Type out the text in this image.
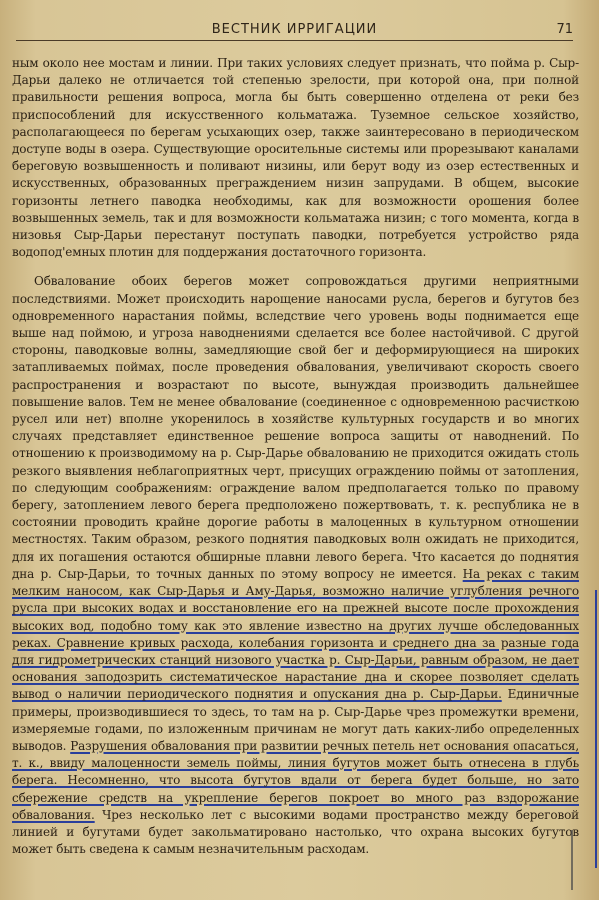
ВЕСТНИК ИРРИГАЦИИ	71

ным около нее мостам и линии. При таких условиях следует признать, что пойма р. Сыр-Дарьи далеко не отличается той степенью зрелости, при которой она, при полной правильности решения вопроса, могла бы быть совершенно отделена от реки без приспособлений для искусственного кольматажа. Туземное сельское хозяйство, располагающееся по берегам усыхающих озер, также заинтересовано в периодическом доступе воды в озера. Существующие оросительные системы или прорезывают каналами береговую возвышенность и поливают низины, или берут воду из озер естественных и искусственных, образованных преграждением низин запрудами. В общем, высокие горизонты летнего паводка необходимы, как для возможности орошения более возвышенных земель, так и для возможности кольматажа низин; с того момента, когда в низовья Сыр-Дарьи перестанут поступать паводки, потребуется устройство ряда водопод'емных плотин для поддержания достаточного горизонта.

Обвалование обоих берегов может сопровождаться другими неприятными последствиями. Может происходить нарощение наносами русла, берегов и бугутов без одновременного нарастания поймы, вследствие чего уровень воды поднимается еще выше над поймою, и угроза наводнениями сделается все более настойчивой. С другой стороны, паводковые волны, замедляющие свой бег и деформирующиеся на широких затапливаемых поймах, после проведения обвалования, увеличивают скорость своего распространения и возрастают по высоте, вынуждая производить дальнейшее повышение валов. Тем не менее обвалование (соединенное с одновременною расчисткою русел или нет) вполне укоренилось в хозяйстве культурных государств и во многих случаях представляет единственное решение вопроса защиты от наводнений. По отношению к производимому на р. Сыр-Дарье обвалованию не приходится ожидать столь резкого выявления неблагоприятных черт, присущих ограждению поймы от затопления, по следующим соображениям: ограждение валом предполагается только по правому берегу, затоплением левого берега предположено пожертвовать, т. к. республика не в состоянии проводить крайне дорогие работы в малоценных в культурном отношении местностях. Таким образом, резкого поднятия паводковых волн ожидать не приходится, для их погашения остаются обширные плавни левого берега. Что касается до поднятия дна р. Сыр-Дарьи, то точных данных по этому вопросу не имеется. На реках с таким мелким наносом, как Сыр-Дарья и Аму-Дарья, возможно наличие углубления речного русла при высоких водах и восстановление его на прежней высоте после прохождения высоких вод, подобно тому как это явление известно на других лучше обследованных реках. Сравнение кривых расхода, колебания горизонта и среднего дна за разные года для гидрометрических станций низового участка р. Сыр-Дарьи, равным образом, не дает основания заподозрить систематическое нарастание дна и скорее позволяет сделать вывод о наличии периодического поднятия и опускания дна р. Сыр-Дарьи. Единичные примеры, производившиеся то здесь, то там на р. Сыр-Дарье чрез промежутки времени, измеряемые годами, по изложенным причинам не могут дать каких-либо определенных выводов. Разрушения обвалования при развитии речных петель нет основания опасаться, т. к., ввиду малоценности земель поймы, линия бугутов может быть отнесена в глубь берега. Несомненно, что высота бугутов вдали от берега будет больше, но зато сбережение средств на укрепление берегов покроет во много раз вздорожание обвалования. Чрез несколько лет с высокими водами пространство между береговой линией и бугутами будет закольматировано настолько, что охрана высоких бугутов может быть сведена к самым незначительным расходам.
